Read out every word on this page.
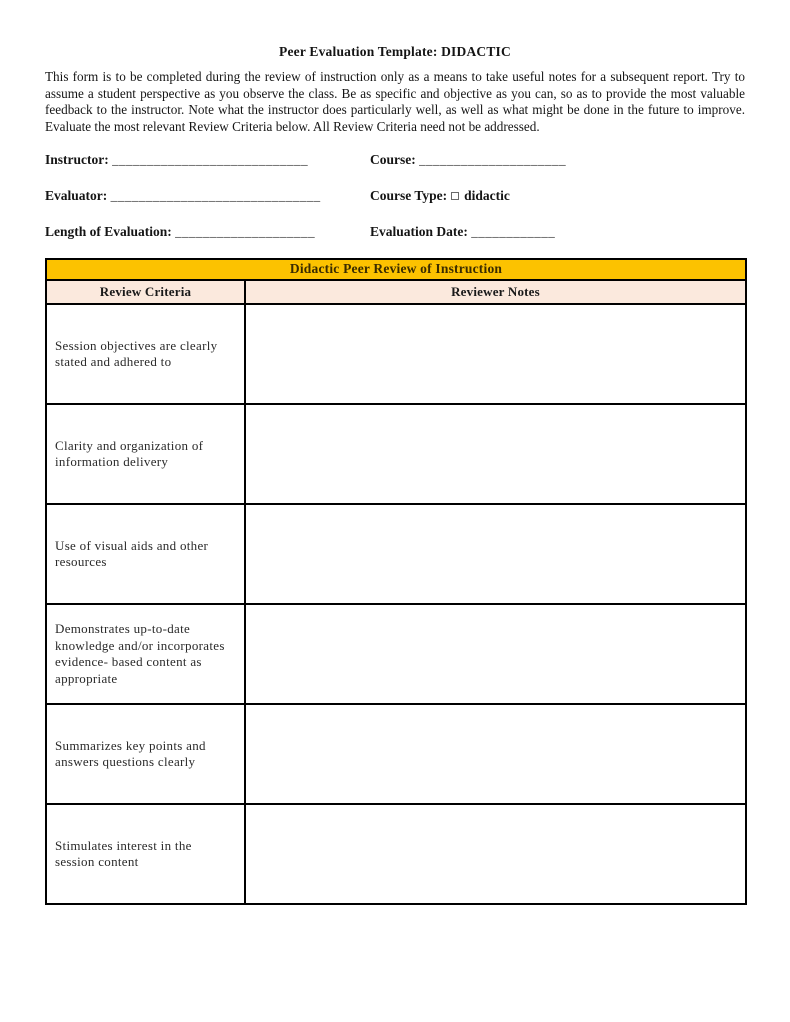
Peer Evaluation Template: DIDACTIC

This form is to be completed during the review of instruction only as a means to take useful notes for a subsequent report. Try to assume a student perspective as you observe the class. Be as specific and objective as you can, so as to provide the most valuable feedback to the instructor. Note what the instructor does particularly well, as well as what might be done in the future to improve. Evaluate the most relevant Review Criteria below. All Review Criteria need not be addressed.

Instructor: ____________________________	Course: _____________________
Evaluator: ______________________________	Course Type: didactic
Length of Evaluation: ____________________	Evaluation Date: ____________
Didactic Peer Review of Instruction	
Review Criteria	Reviewer Notes
Session objectives are clearly stated and adhered to	
Clarity and organization of information delivery	
Use of visual aids and other resources	
Demonstrates up-to-date knowledge and/or incorporates evidence- based content as appropriate	
Summarizes key points and answers questions clearly	
Stimulates interest in the session content	
